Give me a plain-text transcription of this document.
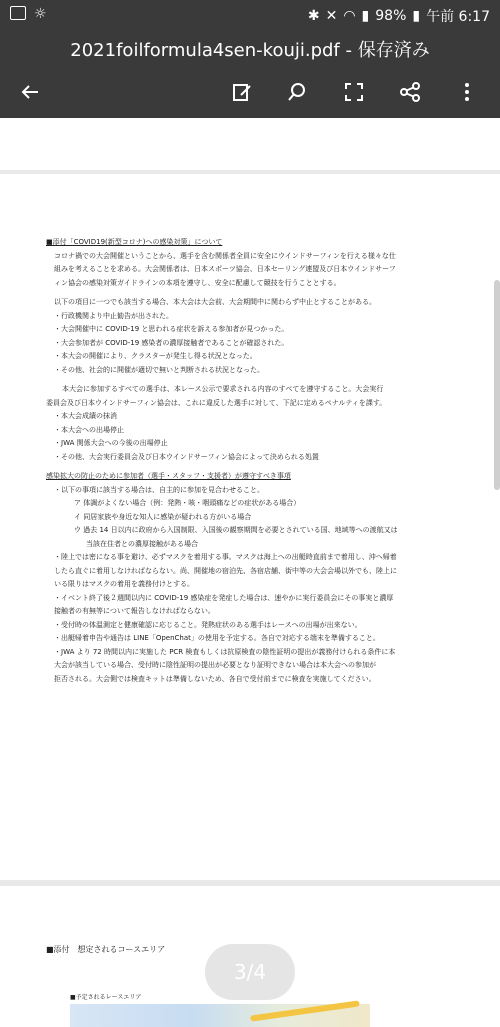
☼	✱ ✕ ◠ ▮ 98% ▮ 午前 6:17
2021foilformula4sen-kouji.pdf - 保存済み
■添付「COVID19(新型コロナ)への感染対策」について
コロナ禍での大会開催ということから、選手を含む関係者全員に安全にウインドサーフィンを行える様々な仕
組みを考えることを求める。大会関係者は、日本スポーツ協会、日本セーリング連盟及び日本ウインドサーフ
ィン協会の感染対策ガイドラインの本項を遵守し、安全に配慮して競技を行うこととする。
以下の項目に一つでも該当する場合、本大会は大会前、大会期間中に関わらず中止とすることがある。
・行政機関より中止勧告が出された。
・大会開催中に COVID-19 と思われる症状を訴える参加者が見つかった。
・大会参加者が COVID-19 感染者の濃厚接触者であることが確認された。
・本大会の開催により、クラスターが発生し得る状況となった。
・その他、社会的に開催が適切で無いと判断される状況となった。
本大会に参加するすべての選手は、本レース公示で要求される内容のすべてを遵守すること。大会実行
委員会及び日本ウインドサーフィン協会は、これに違反した選手に対して、下記に定めるペナルティを課す。
・本大会成績の抹消
・本大会への出場停止
・JWA 関係大会への今後の出場停止
・その他、大会実行委員会及び日本ウインドサーフィン協会によって決められる処置
感染拡大の防止のために参加者（選手・スタッフ・支援者）が遵守すべき事項
・以下の事項に該当する場合は、自主的に参加を見合わせること。
ア 体調がよくない場合（例：発熱・咳・咽頭痛などの症状がある場合）
イ 同居家族や身近な知人に感染が疑われる方がいる場合
ウ 過去 14 日以内に政府から入国制限、入国後の観察期間を必要とされている国、地域等への渡航又は
当該在住者との濃厚接触がある場合
・陸上では密になる事を避け、必ずマスクを着用する事。マスクは海上への出艇時直前まで着用し、沖へ帰着
したら直ぐに着用しなければならない。尚、開催地の宿泊先、各宿店舗、街中等の大会会場以外でも、陸上に
いる限りはマスクの着用を義務付けとする。
・イベント終了後２週間以内に COVID-19 感染症を発症した場合は、速やかに実行委員会にその事実と濃厚
接触者の有無等について報告しなければならない。
・受付時の体温測定と健康確認に応じること。発熱症状のある選手はレースへの出場が出来ない。
・出艇帰着申告や通告は LINE「OpenChat」の使用を予定する。各自で対応する端末を準備すること。
・JWA より 72 時間以内に実施した PCR 検査もしくは抗原検査の陰性証明の提出が義務付けられる条件に本
大会が該当している場合、受付時に陰性証明の提出が必要となり証明できない場合は本大会への参加が
拒否される。大会側では検査キットは準備しないため、各自で受付前までに検査を実施してください。
■添付　想定されるコースエリア
■予定されるレースエリア
3/4
